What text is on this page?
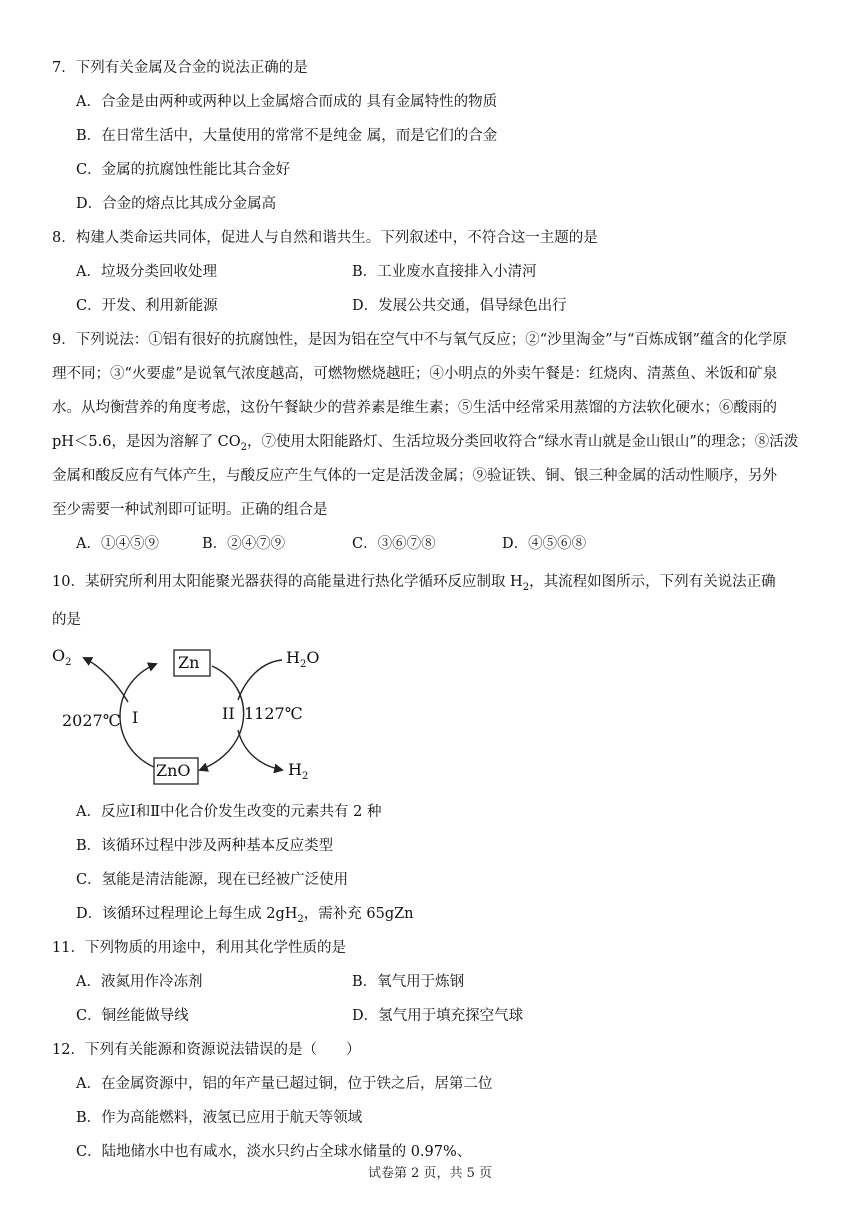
7．下列有关金属及合金的说法正确的是
A．合金是由两种或两种以上金属熔合而成的 具有金属特性的物质
B．在日常生活中，大量使用的常常不是纯金 属，而是它们的合金
C．金属的抗腐蚀性能比其合金好
D．合金的熔点比其成分金属高
8．构建人类命运共同体，促进人与自然和谐共生。下列叙述中，不符合这一主题的是
A．垃圾分类回收处理	B．工业废水直接排入小清河
C．开发、利用新能源	D．发展公共交通，倡导绿色出行
9．下列说法：①铝有很好的抗腐蚀性，是因为铝在空气中不与氧气反应；②“沙里淘金”与“百炼成钢”蕴含的化学原
理不同；③“火要虚”是说氧气浓度越高，可燃物燃烧越旺；④小明点的外卖午餐是：红烧肉、清蒸鱼、米饭和矿泉
水。从均衡营养的角度考虑，这份午餐缺少的营养素是维生素；⑤生活中经常采用蒸馏的方法软化硬水；⑥酸雨的
pH＜5.6，是因为溶解了 $CO_2$，⑦使用太阳能路灯、生活垃圾分类回收符合“绿水青山就是金山银山”的理念；⑧活泼
金属和酸反应有气体产生，与酸反应产生气体的一定是活泼金属；⑨验证铁、铜、银三种金属的活动性顺序，另外
至少需要一种试剂即可证明。正确的组合是
A．①④⑤⑨	B．②④⑦⑨	C．③⑥⑦⑧	D．④⑤⑥⑧
10．某研究所利用太阳能聚光器获得的高能量进行热化学循环反应制取 $H_2$，其流程如图所示，下列有关说法正确
的是
Zn
ZnO
$O_2$	$H_2O$
$H_2$
2027℃ I	II 1127℃
A．反应Ⅰ和Ⅱ中化合价发生改变的元素共有 2 种
B．该循环过程中涉及两种基本反应类型
C．氢能是清洁能源，现在已经被广泛使用
D．该循环过程理论上每生成 $2gH_2$，需补充 65gZn
11．下列物质的用途中，利用其化学性质的是
A．液氮用作冷冻剂	B．氧气用于炼钢
C．铜丝能做导线	D．氢气用于填充探空气球
12．下列有关能源和资源说法错误的是（　　）
A．在金属资源中，铝的年产量已超过铜，位于铁之后，居第二位
B．作为高能燃料，液氢已应用于航天等领域
C．陆地储水中也有咸水，淡水只约占全球水储量的 0.97%、
试卷第 2 页，共 5 页
